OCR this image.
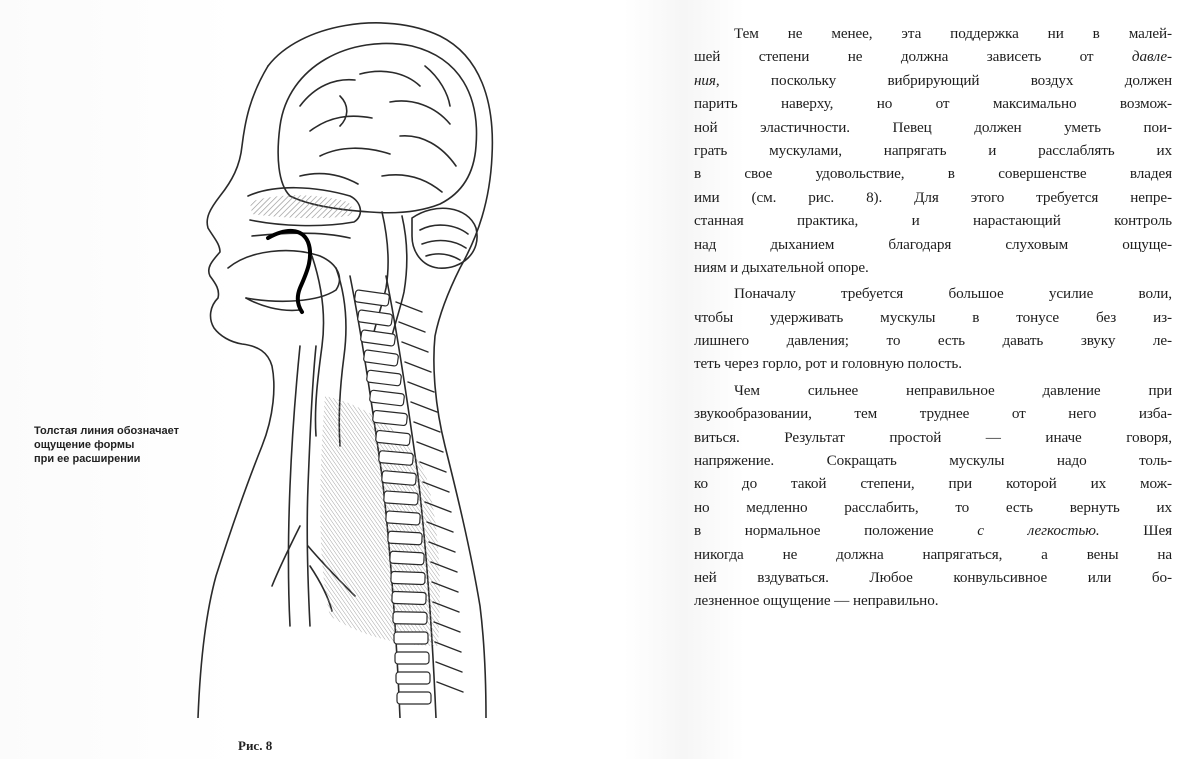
Толстая линия обозначает
ощущение формы
при ее расширении
Рис. 8
Тем не менее, эта поддержка ни в малей-
шей степени не должна зависеть от давле-
ния, поскольку вибрирующий воздух должен
парить наверху, но от максимально возмож-
ной эластичности. Певец должен уметь пои-
грать мускулами, напрягать и расслаблять их
в свое удовольствие, в совершенстве владея
ими (см. рис. 8). Для этого требуется непре-
станная практика, и нарастающий контроль
над дыханием благодаря слуховым ощуще-
ниям и дыхательной опоре.
Поначалу требуется большое усилие воли,
чтобы удерживать мускулы в тонусе без из-
лишнего давления; то есть давать звуку ле-
теть через горло, рот и головную полость.
Чем сильнее неправильное давление при
звукообразовании, тем труднее от него изба-
виться. Результат простой — иначе говоря,
напряжение. Сокращать мускулы надо толь-
ко до такой степени, при которой их мож-
но медленно расслабить, то есть вернуть их
в нормальное положение с легкостью. Шея
никогда не должна напрягаться, а вены на
ней вздуваться. Любое конвульсивное или бо-
лезненное ощущение — неправильно.
